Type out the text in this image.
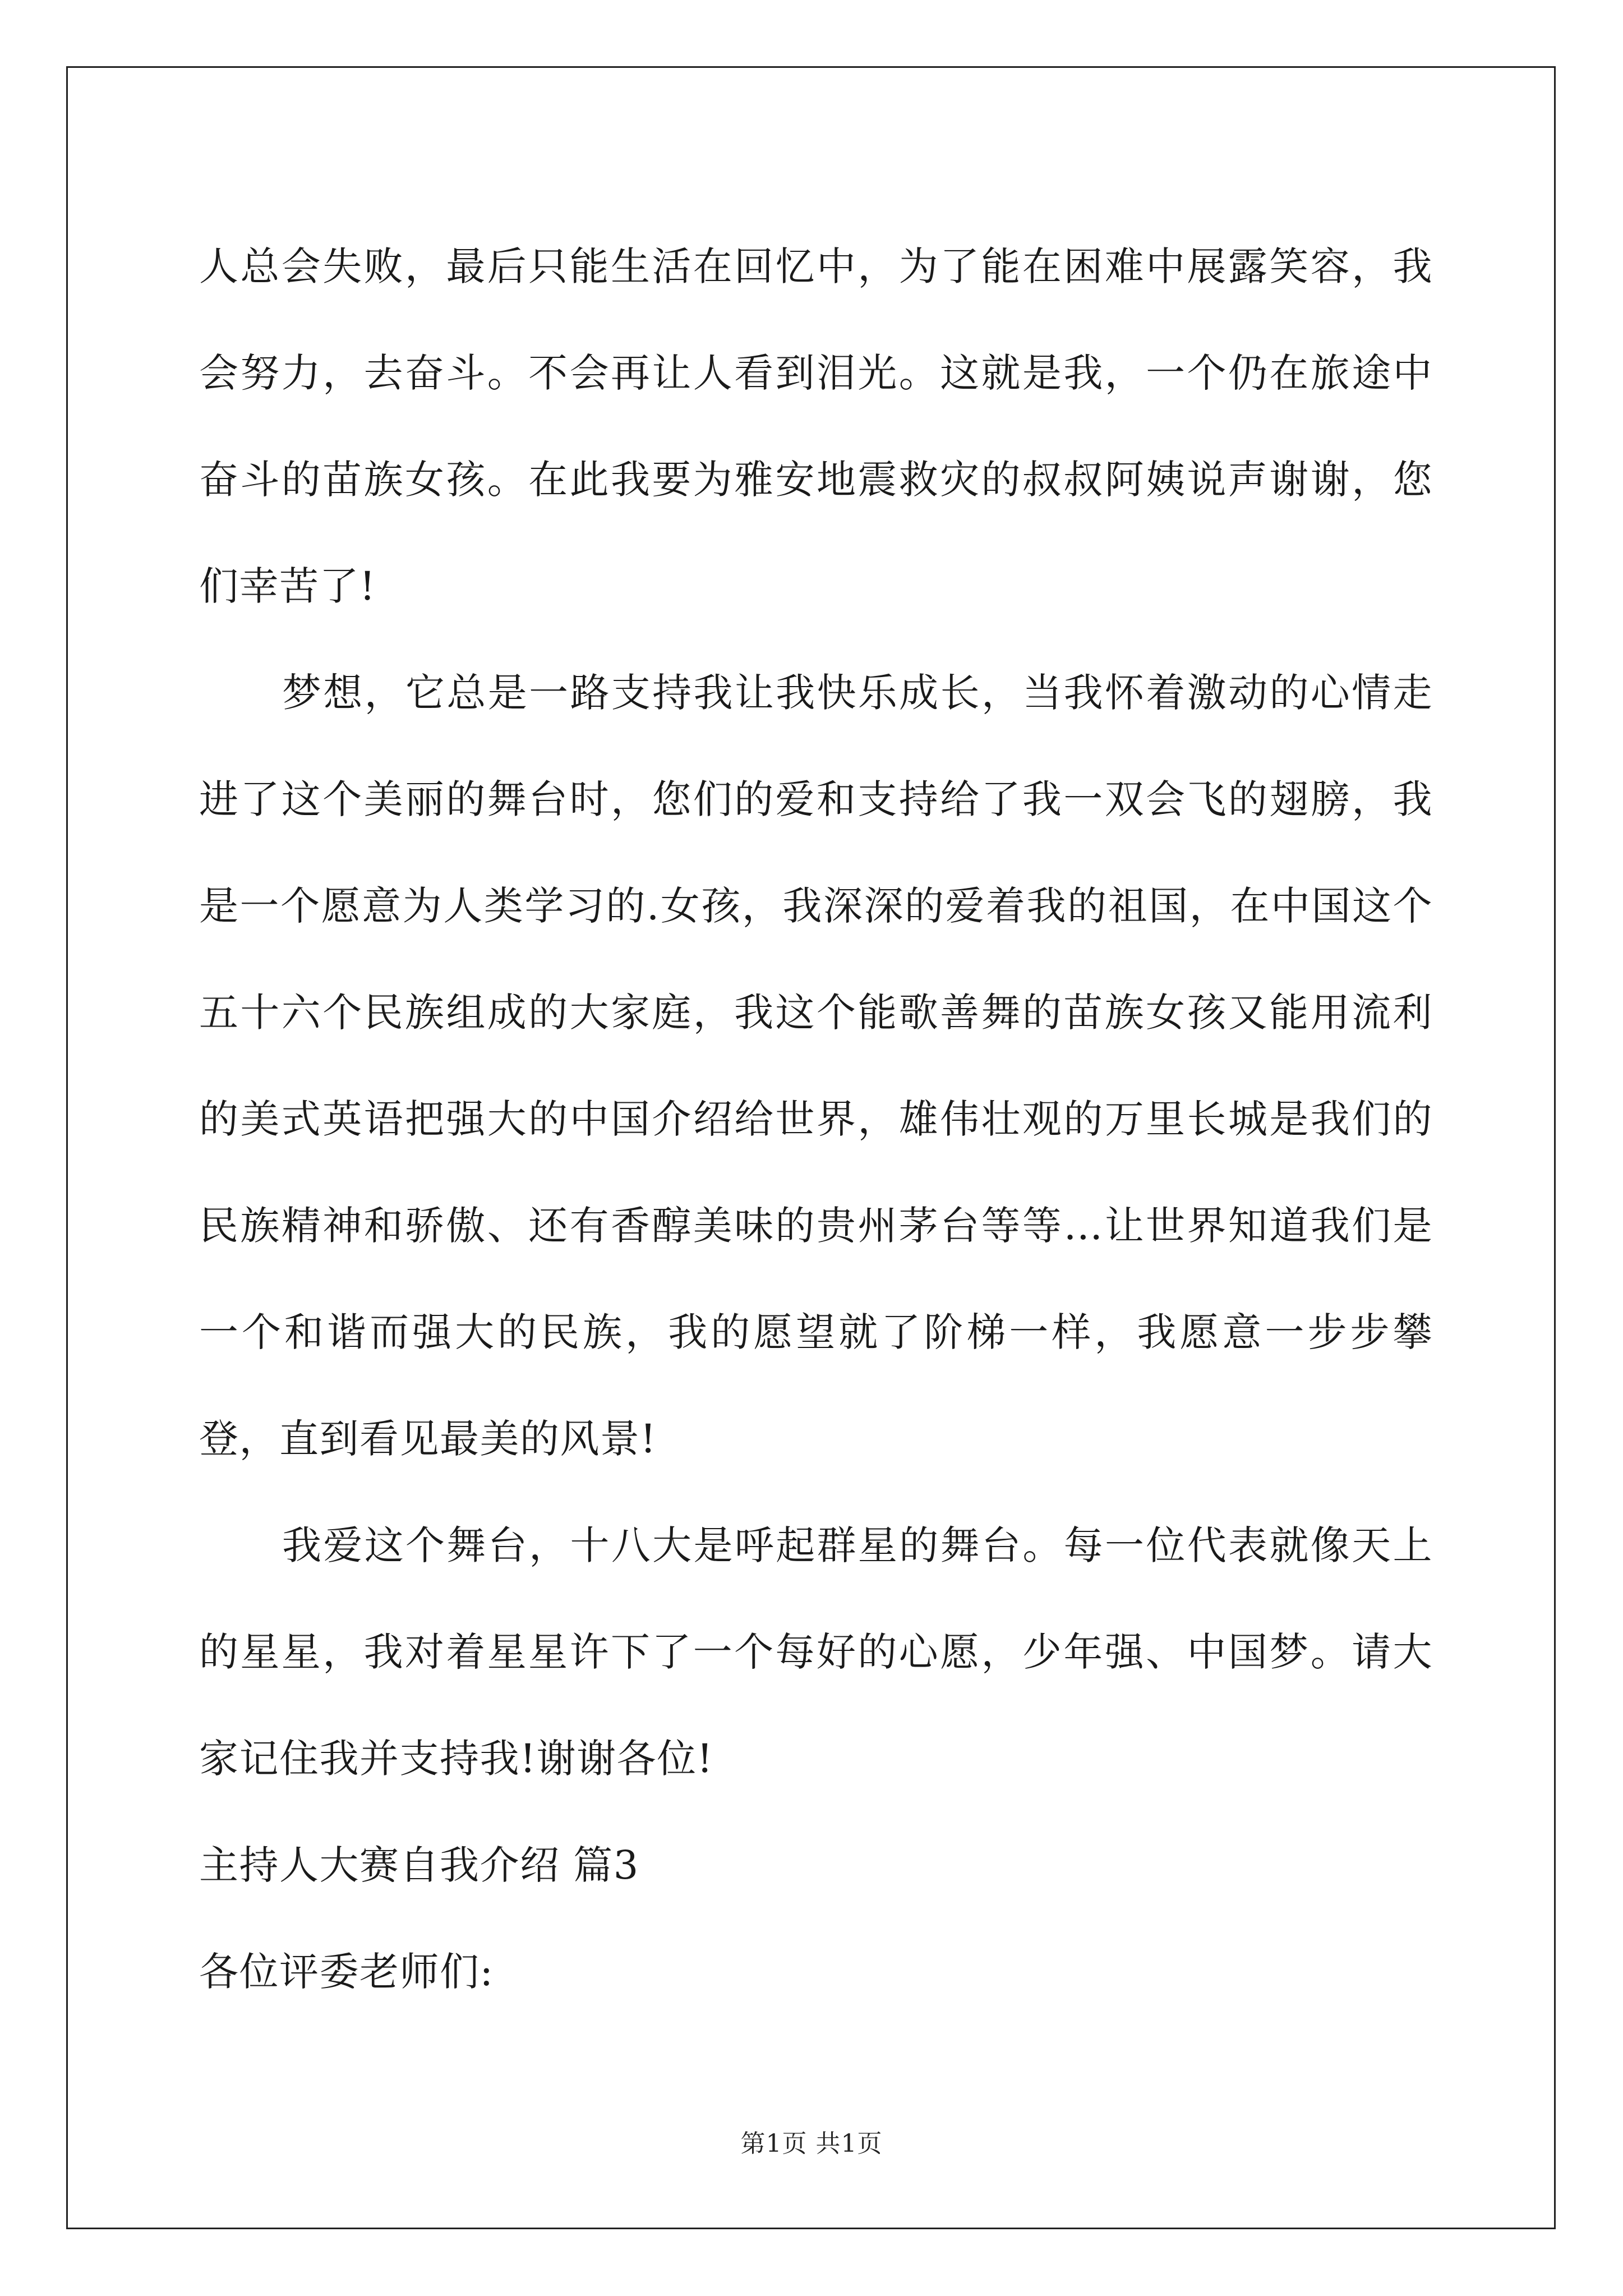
人总会失败，最后只能生活在回忆中，为了能在困难中展露笑容，我会努力，去奋斗。不会再让人看到泪光。这就是我，一个仍在旅途中奋斗的苗族女孩。在此我要为雅安地震救灾的叔叔阿姨说声谢谢，您们幸苦了!

梦想，它总是一路支持我让我快乐成长，当我怀着激动的心情走进了这个美丽的舞台时，您们的爱和支持给了我一双会飞的翅膀，我是一个愿意为人类学习的.女孩，我深深的爱着我的祖国，在中国这个五十六个民族组成的大家庭，我这个能歌善舞的苗族女孩又能用流利的美式英语把强大的中国介绍给世界，雄伟壮观的万里长城是我们的民族精神和骄傲、还有香醇美味的贵州茅台等等…让世界知道我们是一个和谐而强大的民族，我的愿望就了阶梯一样，我愿意一步步攀登，直到看见最美的风景!

我爱这个舞台，十八大是呼起群星的舞台。每一位代表就像天上的星星，我对着星星许下了一个每好的心愿，少年强、中国梦。请大家记住我并支持我!谢谢各位!

主持人大赛自我介绍 篇3

各位评委老师们:

第1页 共1页
